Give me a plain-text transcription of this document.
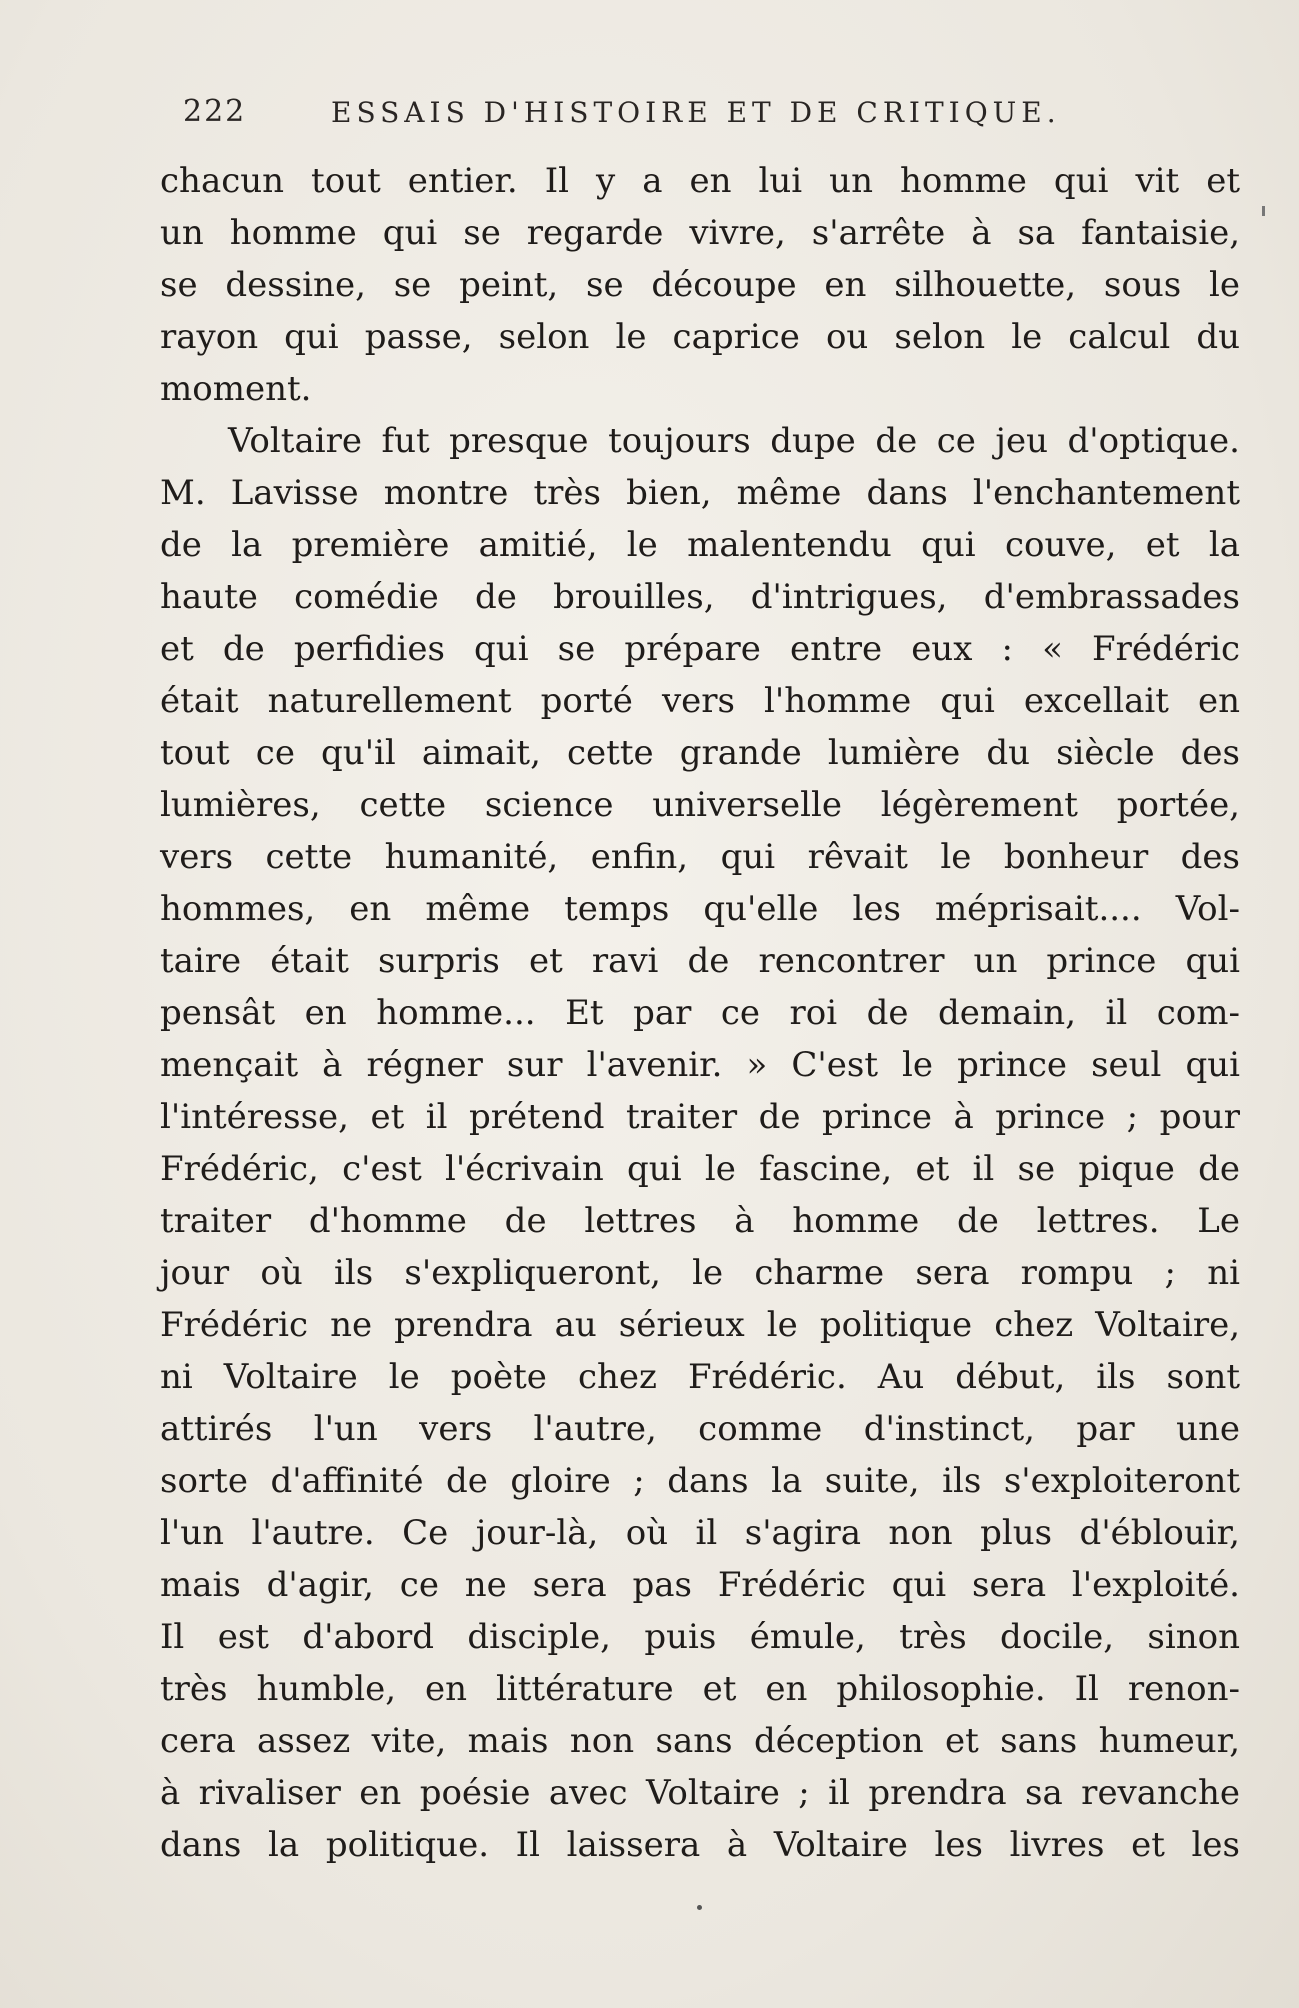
222	ESSAIS D'HISTOIRE ET DE CRITIQUE.
chacun tout entier. Il y a en lui un homme qui vit et
un homme qui se regarde vivre, s'arrête à sa fantaisie,
se dessine, se peint, se découpe en silhouette, sous le
rayon qui passe, selon le caprice ou selon le calcul du
moment.
Voltaire fut presque toujours dupe de ce jeu d'optique.
M. Lavisse montre très bien, même dans l'enchantement
de la première amitié, le malentendu qui couve, et la
haute comédie de brouilles, d'intrigues, d'embrassades
et de perfidies qui se prépare entre eux : « Frédéric
était naturellement porté vers l'homme qui excellait en
tout ce qu'il aimait, cette grande lumière du siècle des
lumières, cette science universelle légèrement portée,
vers cette humanité, enfin, qui rêvait le bonheur des
hommes, en même temps qu'elle les méprisait.... Vol-
taire était surpris et ravi de rencontrer un prince qui
pensât en homme... Et par ce roi de demain, il com-
mençait à régner sur l'avenir. » C'est le prince seul qui
l'intéresse, et il prétend traiter de prince à prince ; pour
Frédéric, c'est l'écrivain qui le fascine, et il se pique de
traiter d'homme de lettres à homme de lettres. Le
jour où ils s'expliqueront, le charme sera rompu ; ni
Frédéric ne prendra au sérieux le politique chez Voltaire,
ni Voltaire le poète chez Frédéric. Au début, ils sont
attirés l'un vers l'autre, comme d'instinct, par une
sorte d'affinité de gloire ; dans la suite, ils s'exploiteront
l'un l'autre. Ce jour-là, où il s'agira non plus d'éblouir,
mais d'agir, ce ne sera pas Frédéric qui sera l'exploité.
Il est d'abord disciple, puis émule, très docile, sinon
très humble, en littérature et en philosophie. Il renon-
cera assez vite, mais non sans déception et sans humeur,
à rivaliser en poésie avec Voltaire ; il prendra sa revanche
dans la politique. Il laissera à Voltaire les livres et les
